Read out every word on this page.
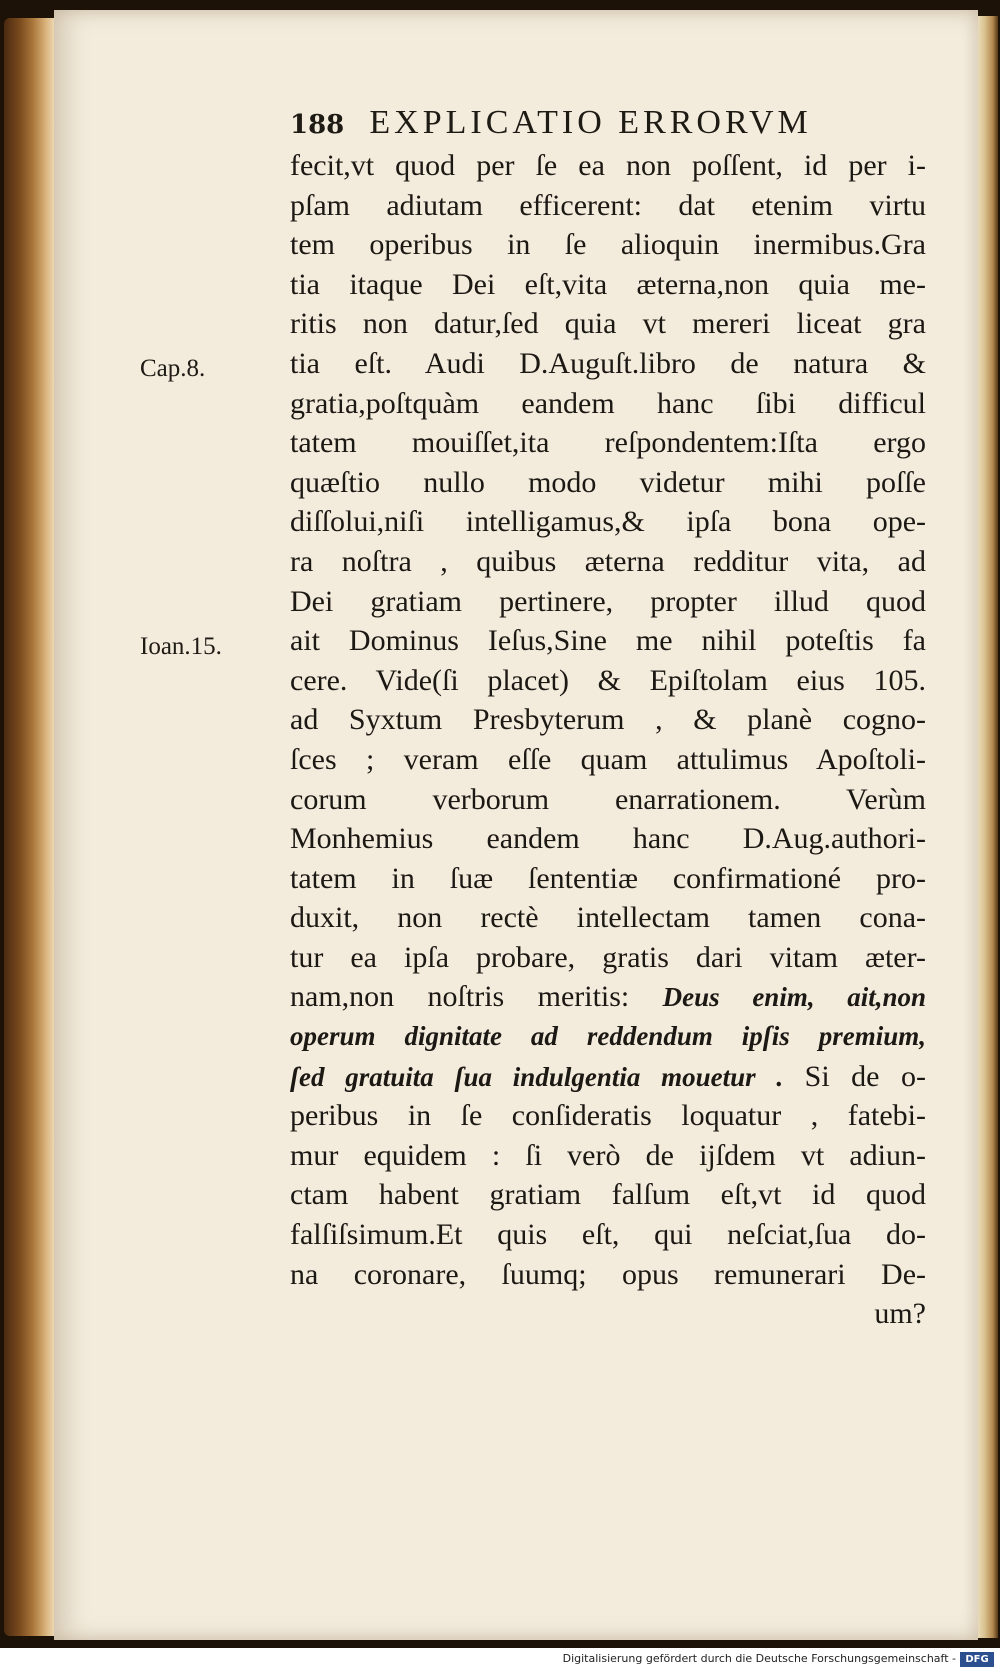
188 EXPLICATIO ERRORVM
Cap.8.
Ioan.15.
fecit,vt quod per ſe ea non poſſent, id per i-
pſam adiutam efficerent: dat etenim virtu
tem operibus in ſe alioquin inermibus.Gra
tia itaque Dei eſt,vita æterna,non quia me-
ritis non datur,ſed quia vt mereri liceat gra
tia eſt. Audi D.Auguſt.libro de natura &
gratia,poſtquàm eandem hanc ſibi difficul
tatem mouiſſet,ita reſpondentem:Iſta ergo
quæſtio nullo modo videtur mihi poſſe
diſſolui,niſi intelligamus,& ipſa bona ope-
ra noſtra , quibus æterna redditur vita, ad
Dei gratiam pertinere, propter illud quod
ait Dominus Ieſus,Sine me nihil poteſtis fa
cere. Vide(ſi placet) & Epiſtolam eius 105.
ad Syxtum Presbyterum , & planè cogno-
ſces ; veram eſſe quam attulimus Apoſtoli-
corum verborum enarrationem. Verùm
Monhemius eandem hanc D.Aug.authori-
tatem in ſuæ ſententiæ confirmationé pro-
duxit, non rectè intellectam tamen cona-
tur ea ipſa probare, gratis dari vitam æter-
nam,non noſtris meritis: Deus enim, ait,non
operum dignitate ad reddendum ipſis premium,
ſed gratuita ſua indulgentia mouetur . Si de o-
peribus in ſe conſideratis loquatur , fatebi-
mur equidem : ſi verò de ijſdem vt adiun-
ctam habent gratiam falſum eſt,vt id quod
falſiſsimum.Et quis eſt, qui neſciat,ſua do-
na coronare, ſuumq; opus remunerari De-
um?
Digitalisierung gefördert durch die Deutsche Forschungsgemeinschaft - DFG
